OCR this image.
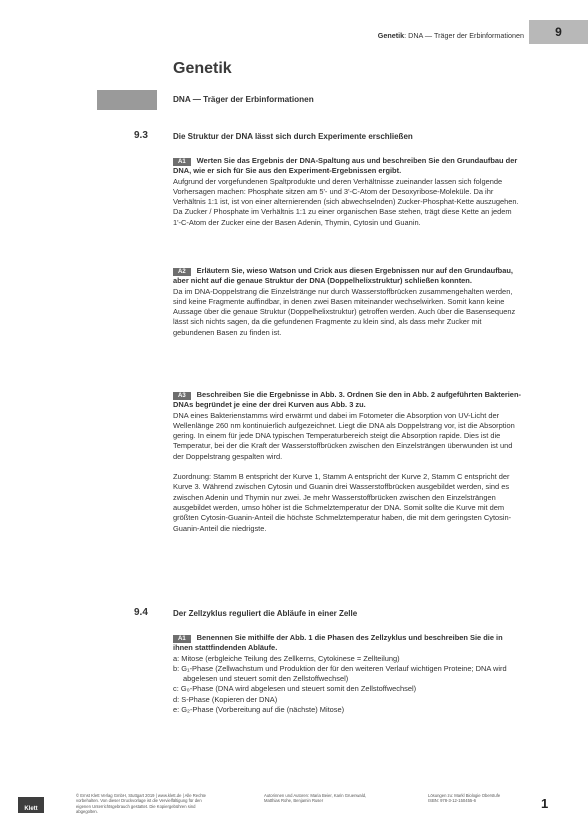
Genetik: DNA — Träger der Erbinformationen	9
Genetik
DNA — Träger der Erbinformationen
9.3	Die Struktur der DNA lässt sich durch Experimente erschließen

A1 Werten Sie das Ergebnis der DNA-Spaltung aus und beschreiben Sie den Grundaufbau der DNA, wie er sich für Sie aus den Experiment-Ergebnissen ergibt.

Aufgrund der vorgefundenen Spaltprodukte und deren Verhältnisse zueinander lassen sich folgende Vorhersagen machen: Phosphate sitzen am 5'- und 3'-C-Atom der Desoxyribose-Moleküle. Da ihr Verhältnis 1:1 ist, ist von einer alternierenden (sich abwechselnden) Zucker-Phosphat-Kette auszugehen. Da Zucker / Phosphate im Verhältnis 1:1 zu einer organischen Base stehen, trägt diese Kette an jedem 1'-C-Atom der Zucker eine der Basen Adenin, Thymin, Cytosin und Guanin.

A2 Erläutern Sie, wieso Watson und Crick aus diesen Ergebnissen nur auf den Grundaufbau, aber nicht auf die genaue Struktur der DNA (Doppelhelixstruktur) schließen konnten.

Da im DNA-Doppelstrang die Einzelstränge nur durch Wasserstoffbrücken zusammengehalten werden, sind keine Fragmente auffindbar, in denen zwei Basen miteinander wechselwirken. Somit kann keine Aussage über die genaue Struktur (Doppelhelixstruktur) getroffen werden. Auch über die Basensequenz lässt sich nichts sagen, da die gefundenen Fragmente zu klein sind, als dass mehr Zucker mit gebundenen Basen zu finden ist.

A3 Beschreiben Sie die Ergebnisse in Abb. 3. Ordnen Sie den in Abb. 2 aufgeführten Bakterien-DNAs begründet je eine der drei Kurven aus Abb. 3 zu.

DNA eines Bakterienstamms wird erwärmt und dabei im Fotometer die Absorption von UV-Licht der Wellenlänge 260 nm kontinuierlich aufgezeichnet. Liegt die DNA als Doppelstrang vor, ist die Absorption gering. In einem für jede DNA typischen Temperaturbereich steigt die Absorption rapide. Dies ist die Temperatur, bei der die Kraft der Wasserstoffbrücken zwischen den Einzelsträngen überwunden ist und der Doppelstrang gespalten wird.

Zuordnung: Stamm B entspricht der Kurve 1, Stamm A entspricht der Kurve 2, Stamm C entspricht der Kurve 3. Während zwischen Cytosin und Guanin drei Wasserstoffbrücken ausgebildet werden, sind es zwischen Adenin und Thymin nur zwei. Je mehr Wasserstoffbrücken zwischen den Einzelsträngen ausgebildet werden, umso höher ist die Schmelztemperatur der DNA. Somit sollte die Kurve mit dem größten Cytosin-Guanin-Anteil die höchste Schmelztemperatur haben, die mit dem geringsten Cytosin-Guanin-Anteil die niedrigste.

9.4	Der Zellzyklus reguliert die Abläufe in einer Zelle

A1 Benennen Sie mithilfe der Abb. 1 die Phasen des Zellzyklus und beschreiben Sie die in ihnen stattfindenden Abläufe.

a: Mitose (erbgleiche Teilung des Zellkerns, Cytokinese = Zellteilung)

b: G₁-Phase (Zellwachstum und Produktion der für den weiteren Verlauf wichtigen Proteine; DNA wird abgelesen und steuert somit den Zellstoffwechsel)

c: G₀-Phase (DNA wird abgelesen und steuert somit den Zellstoffwechsel)

d: S-Phase (Kopieren der DNA)

e: G₂-Phase (Vorbereitung auf die (nächste) Mitose)

Klett
© Ernst Klett Verlag GmbH, Stuttgart 2019 | www.klett.de | Alle Rechte vorbehalten. Von dieser Druckvorlage ist die Vervielfältigung für den eigenen Unterrichtsgebrauch gestattet. Die Kopiergebühren sind abgegolten.
Autorinnen und Autoren: Maria Beier, Karin Gruenwald, Matthias Rohe, Benjamin Ruser
Lösungen zu: Markl Biologie Oberstufe
ISBN: 978-3-12-150455-6	1
